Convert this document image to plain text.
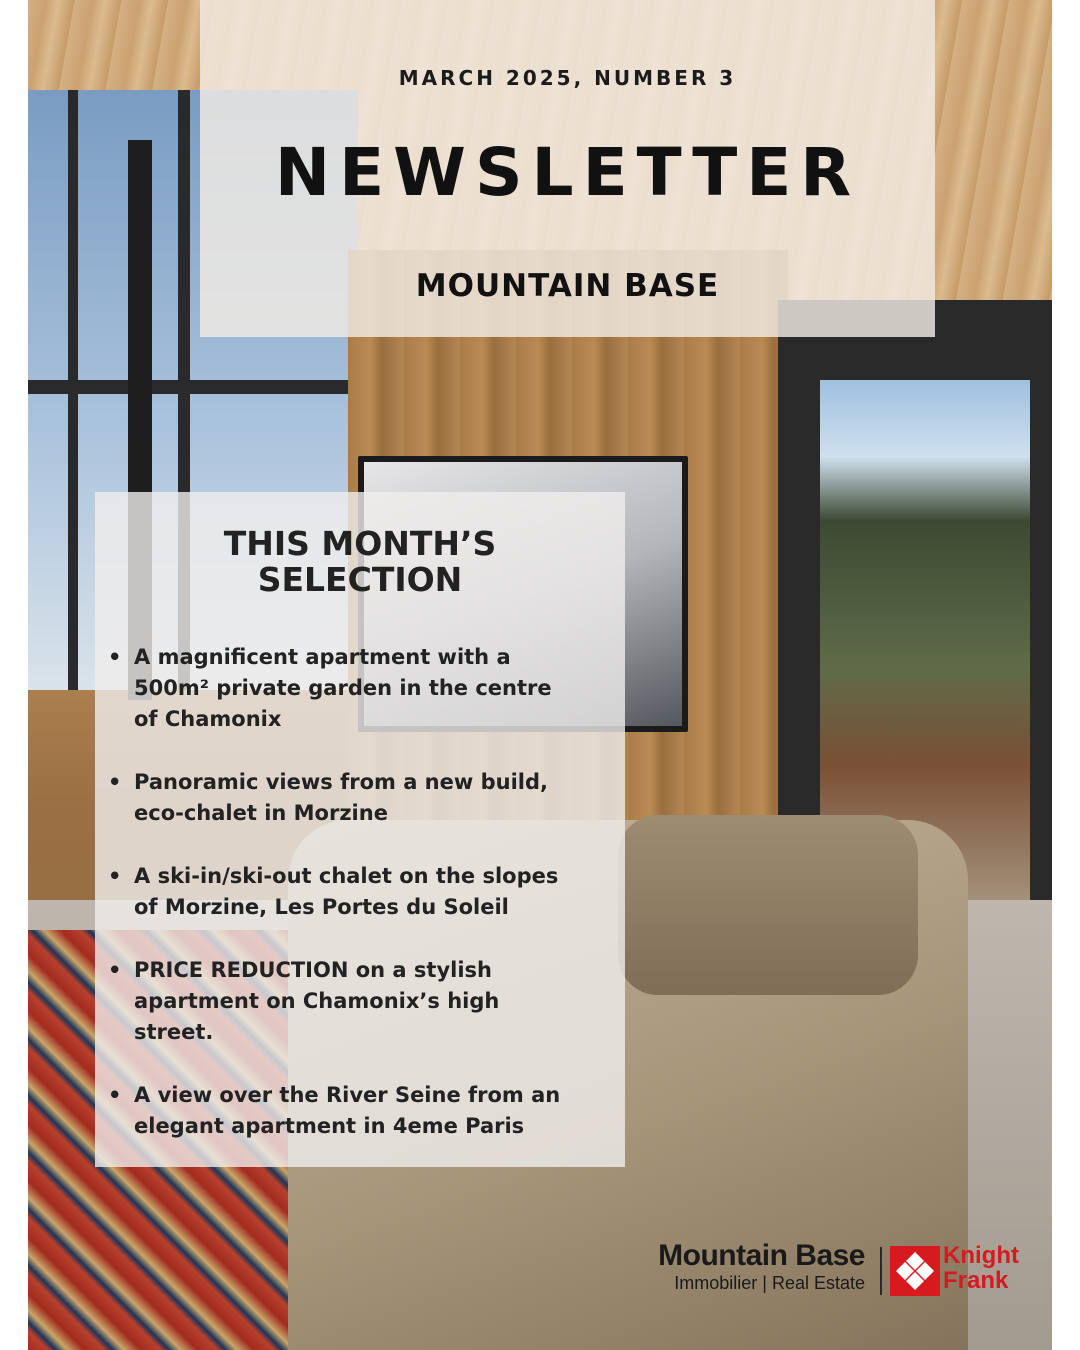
MARCH 2025, NUMBER 3

NEWSLETTER
MOUNTAIN BASE
THIS MONTH’S
SELECTION
• A magnificent apartment with a
500m² private garden in the centre
of Chamonix
• Panoramic views from a new build,
eco-chalet in Morzine
• A ski-in/ski-out chalet on the slopes
of Morzine, Les Portes du Soleil
• PRICE REDUCTION on a stylish
apartment on Chamonix’s high
street.
• A view over the River Seine from an
elegant apartment in 4eme Paris
Mountain Base
Immobilier | Real Estate
Knight
Frank
